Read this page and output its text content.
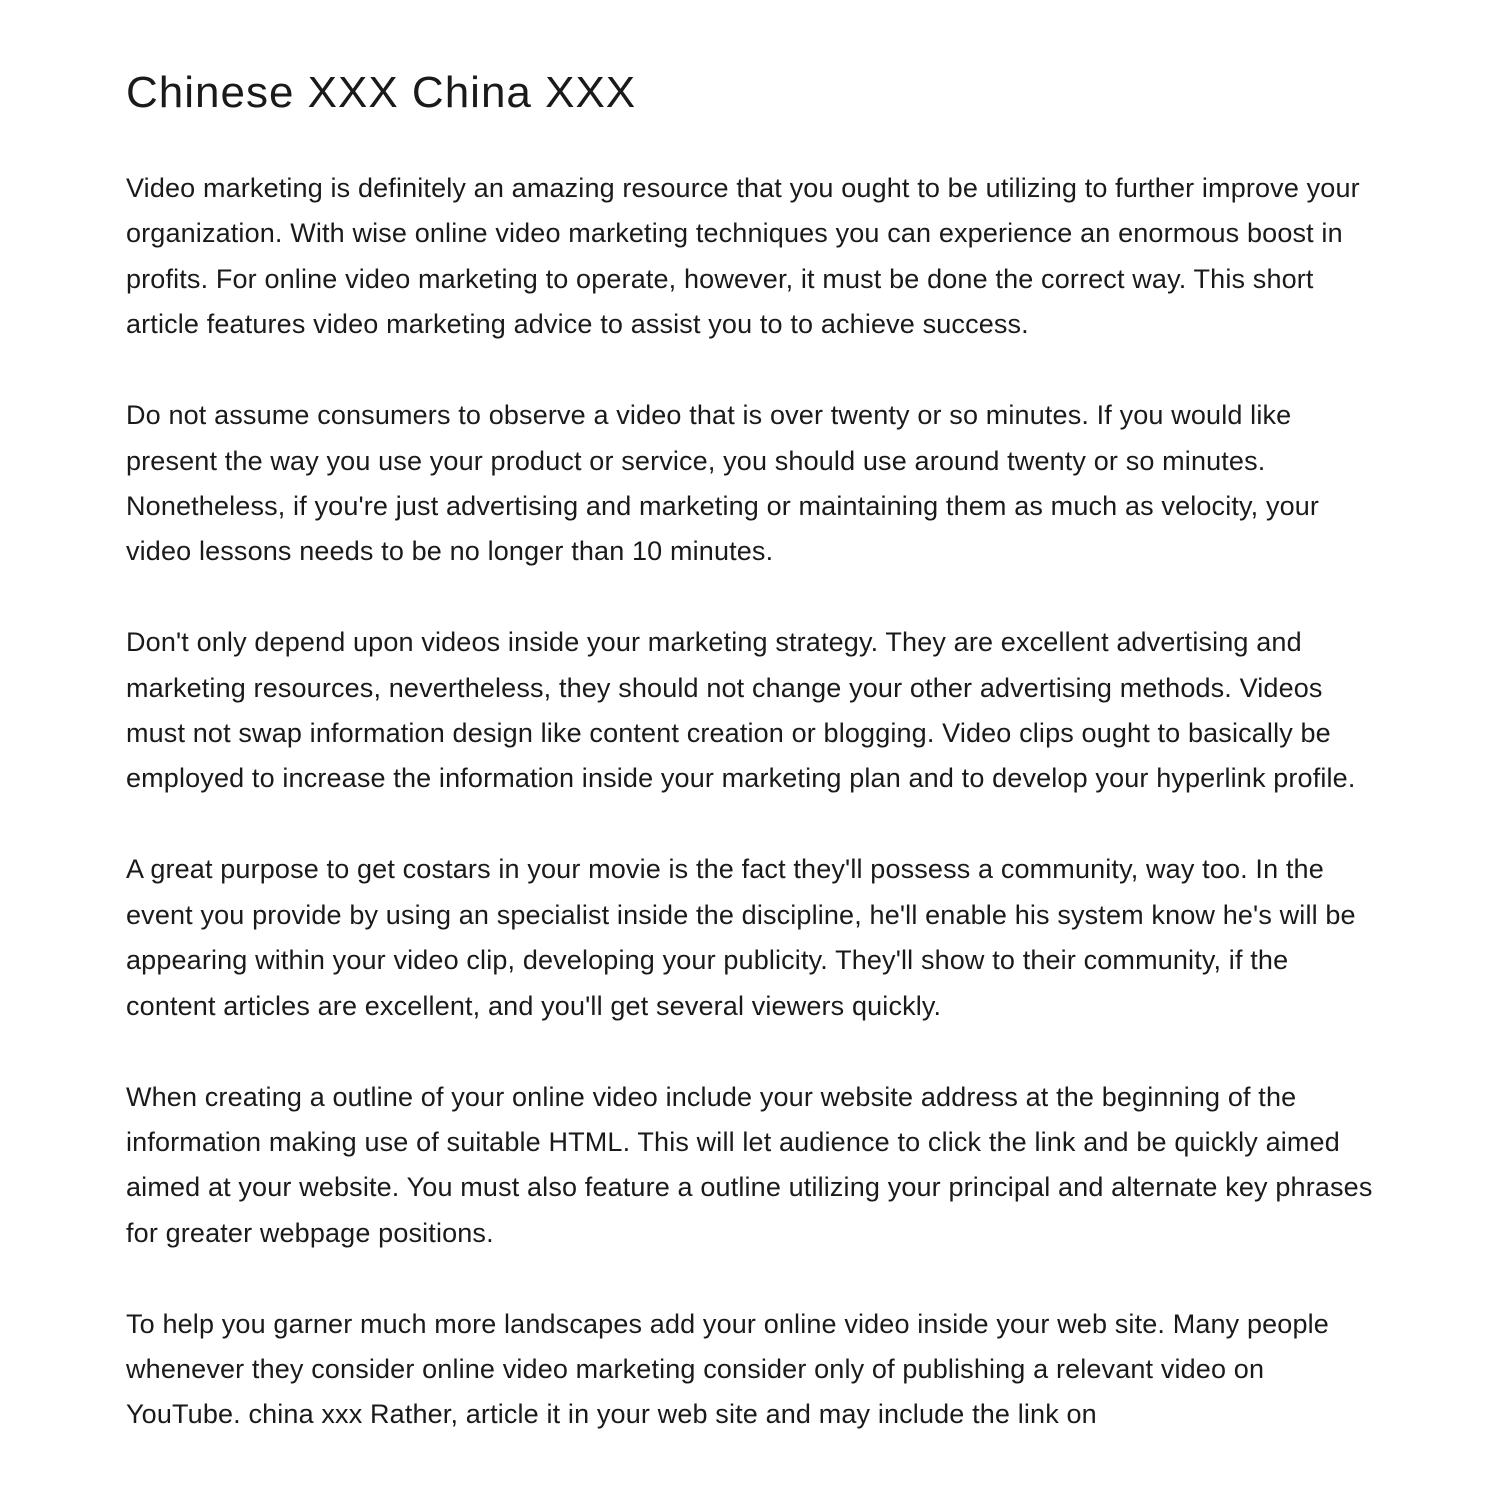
Chinese XXX China XXX

Video marketing is definitely an amazing resource that you ought to be utilizing to further improve your organization. With wise online video marketing techniques you can experience an enormous boost in profits. For online video marketing to operate, however, it must be done the correct way. This short article features video marketing advice to assist you to to achieve success.

Do not assume consumers to observe a video that is over twenty or so minutes. If you would like present the way you use your product or service, you should use around twenty or so minutes. Nonetheless, if you're just advertising and marketing or maintaining them as much as velocity, your video lessons needs to be no longer than 10 minutes.

Don't only depend upon videos inside your marketing strategy. They are excellent advertising and marketing resources, nevertheless, they should not change your other advertising methods. Videos must not swap information design like content creation or blogging. Video clips ought to basically be employed to increase the information inside your marketing plan and to develop your hyperlink profile.

A great purpose to get costars in your movie is the fact they'll possess a community, way too. In the event you provide by using an specialist inside the discipline, he'll enable his system know he's will be appearing within your video clip, developing your publicity. They'll show to their community, if the content articles are excellent, and you'll get several viewers quickly.

When creating a outline of your online video include your website address at the beginning of the information making use of suitable HTML. This will let audience to click the link and be quickly aimed aimed at your website. You must also feature a outline utilizing your principal and alternate key phrases for greater webpage positions.

To help you garner much more landscapes add your online video inside your web site. Many people whenever they consider online video marketing consider only of publishing a relevant video on YouTube. china xxx Rather, article it in your web site and may include the link on
